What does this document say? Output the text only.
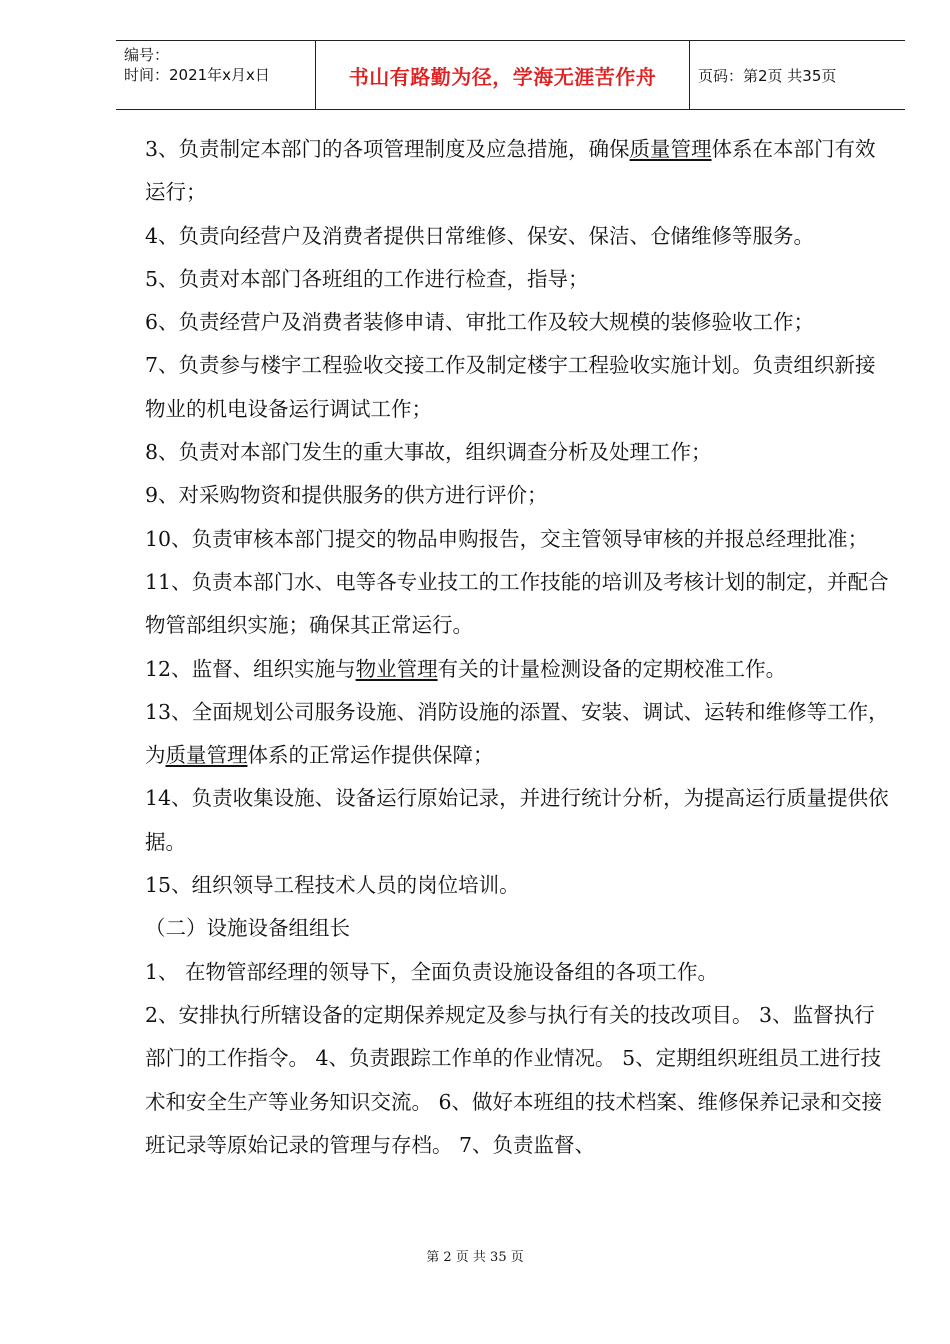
编号：
时间：2021年x月x日	书山有路勤为径，学海无涯苦作舟	页码：第2页 共35页

3、负责制定本部门的各项管理制度及应急措施，确保质量管理体系在本部门有效运行；

4、负责向经营户及消费者提供日常维修、保安、保洁、仓储维修等服务。

5、负责对本部门各班组的工作进行检查，指导；

6、负责经营户及消费者装修申请、审批工作及较大规模的装修验收工作；

7、负责参与楼宇工程验收交接工作及制定楼宇工程验收实施计划。负责组织新接物业的机电设备运行调试工作；

8、负责对本部门发生的重大事故，组织调查分析及处理工作；

9、对采购物资和提供服务的供方进行评价；

10、负责审核本部门提交的物品申购报告，交主管领导审核的并报总经理批准；

11、负责本部门水、电等各专业技工的工作技能的培训及考核计划的制定，并配合物管部组织实施；确保其正常运行。

12、监督、组织实施与物业管理有关的计量检测设备的定期校准工作。

13、全面规划公司服务设施、消防设施的添置、安装、调试、运转和维修等工作，为质量管理体系的正常运作提供保障；

14、负责收集设施、设备运行原始记录，并进行统计分析，为提高运行质量提供依据。

15、组织领导工程技术人员的岗位培训。

（二）设施设备组组长

1、 在物管部经理的领导下，全面负责设施设备组的各项工作。

2、安排执行所辖设备的定期保养规定及参与执行有关的技改项目。 3、监督执行部门的工作指令。 4、负责跟踪工作单的作业情况。 5、定期组织班组员工进行技术和安全生产等业务知识交流。 6、做好本班组的技术档案、维修保养记录和交接班记录等原始记录的管理与存档。 7、负责监督、

第 2 页 共 35 页
